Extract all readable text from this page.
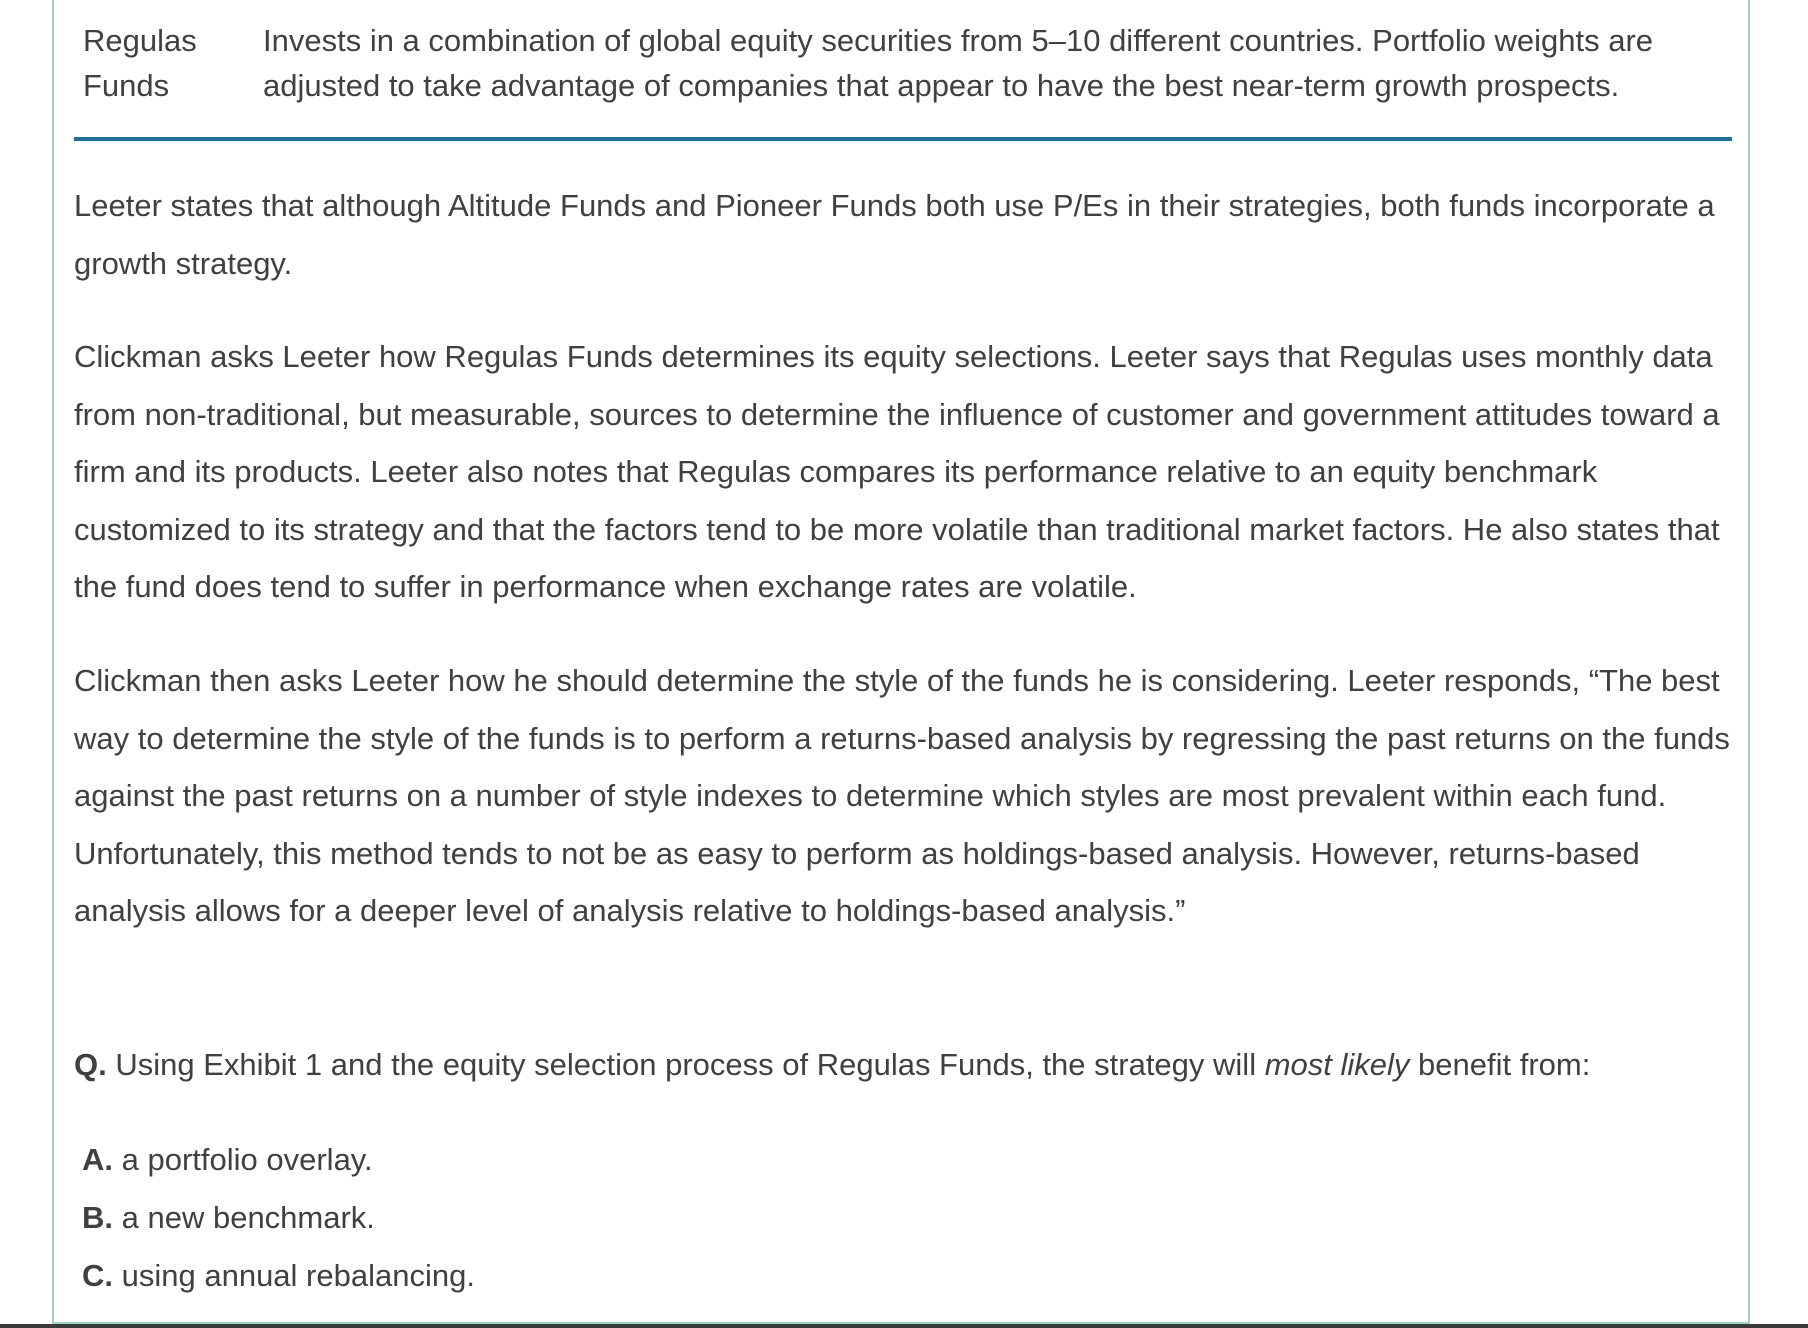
Regulas
Funds
Invests in a combination of global equity securities from 5–10 different countries. Portfolio weights are adjusted to take advantage of companies that appear to have the best near-term growth prospects.

Leeter states that although Altitude Funds and Pioneer Funds both use P/Es in their strategies, both funds incorporate a growth strategy.

Clickman asks Leeter how Regulas Funds determines its equity selections. Leeter says that Regulas uses monthly data from non-traditional, but measurable, sources to determine the influence of customer and government attitudes toward a firm and its products. Leeter also notes that Regulas compares its performance relative to an equity benchmark customized to its strategy and that the factors tend to be more volatile than traditional market factors. He also states that the fund does tend to suffer in performance when exchange rates are volatile.

Clickman then asks Leeter how he should determine the style of the funds he is considering. Leeter responds, “The best way to determine the style of the funds is to perform a returns-based analysis by regressing the past returns on the funds against the past returns on a number of style indexes to determine which styles are most prevalent within each fund. Unfortunately, this method tends to not be as easy to perform as holdings-based analysis. However, returns-based analysis allows for a deeper level of analysis relative to holdings-based analysis.”

Q. Using Exhibit 1 and the equity selection process of Regulas Funds, the strategy will most likely benefit from:
A. a portfolio overlay.
B. a new benchmark.
C. using annual rebalancing.
